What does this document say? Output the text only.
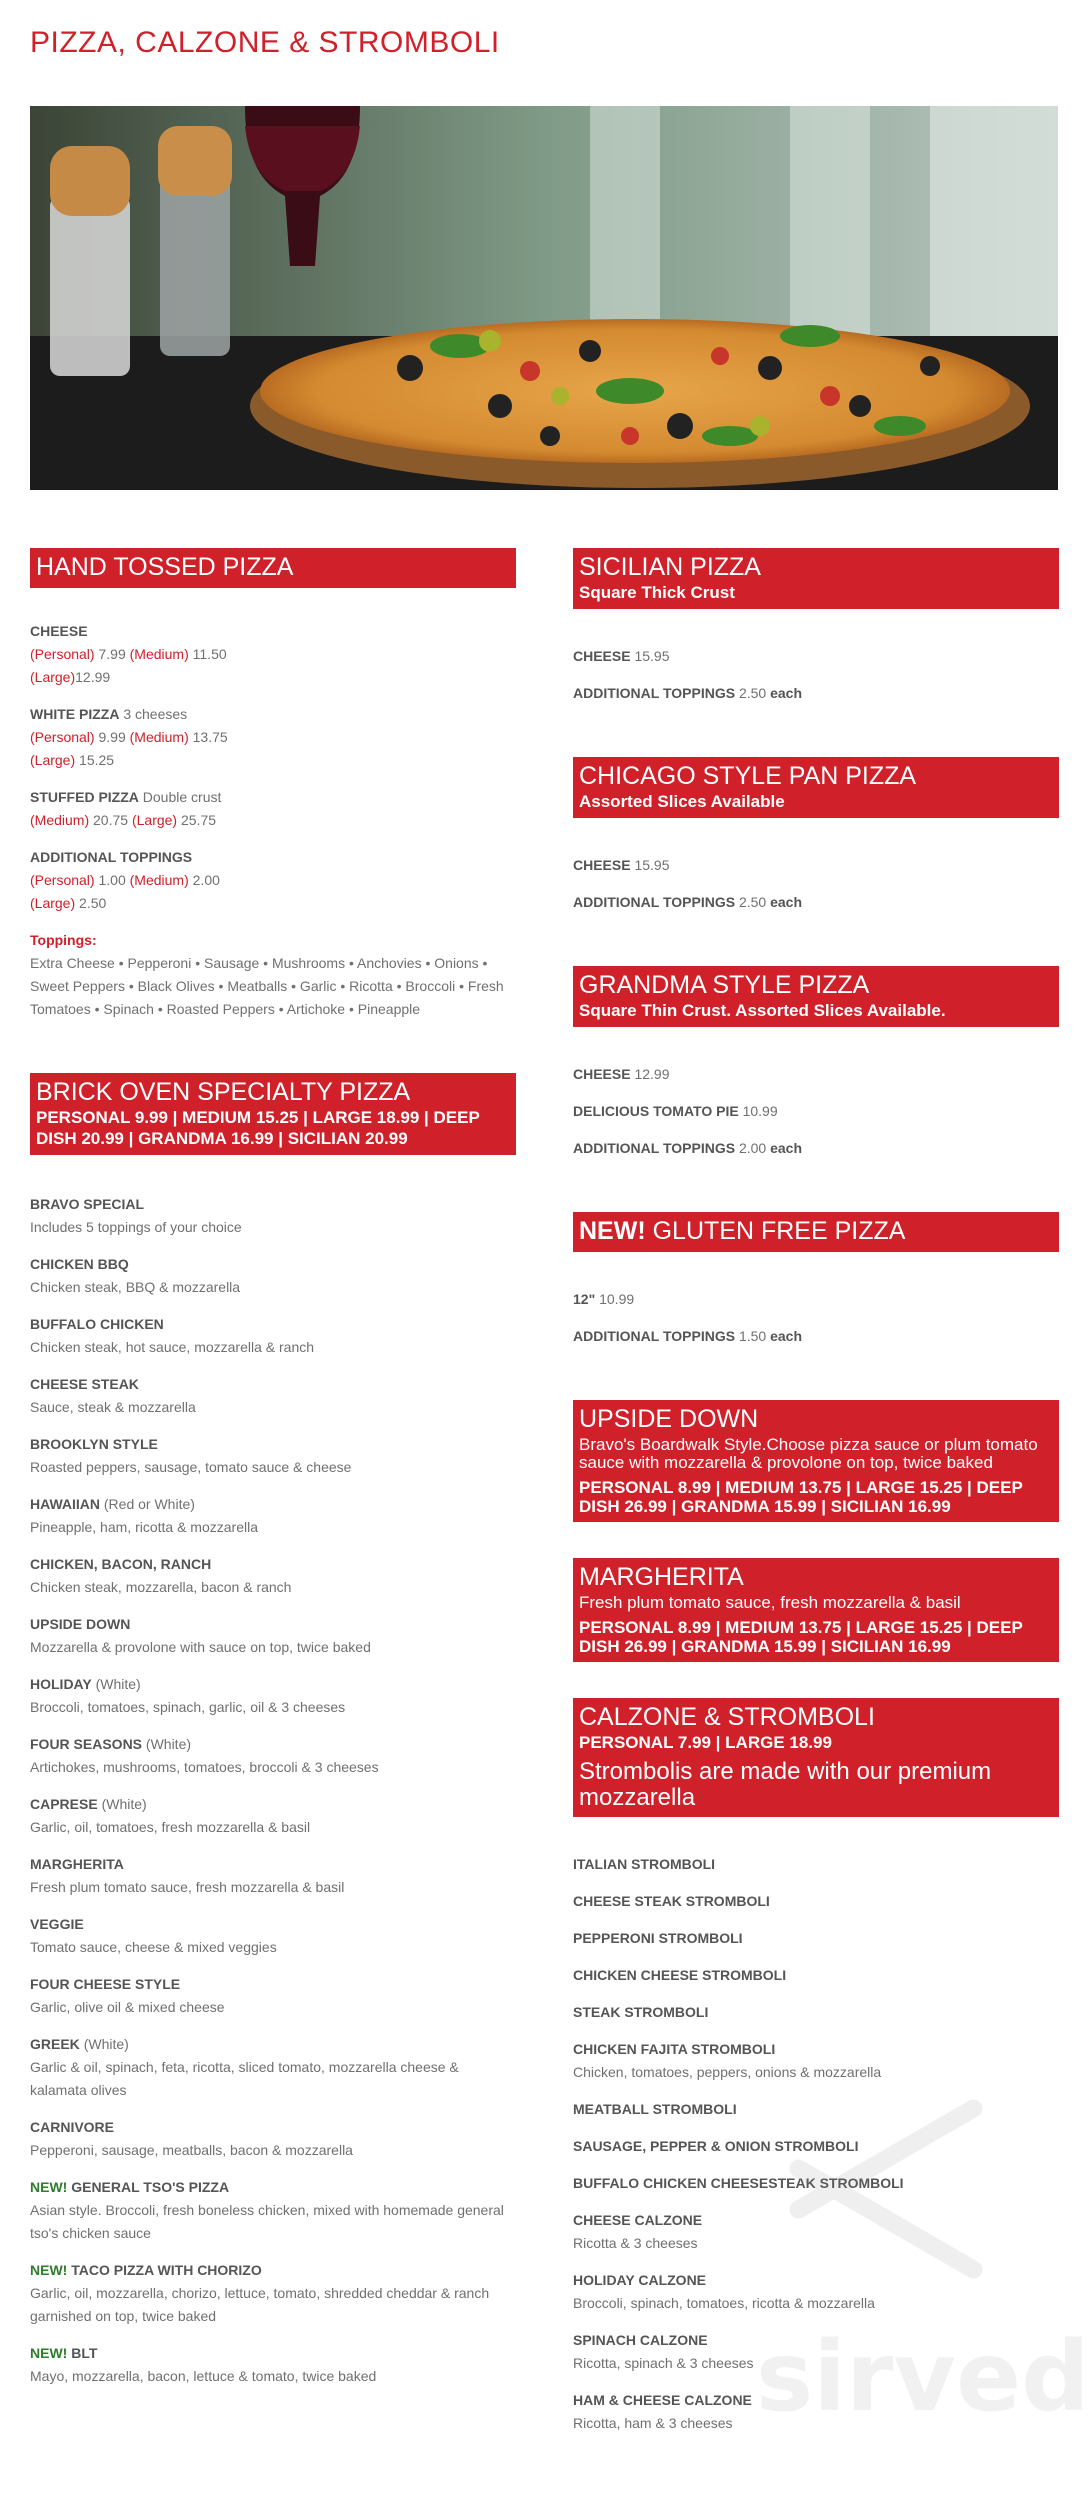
PIZZA, CALZONE & STROMBOLI
HAND TOSSED PIZZA
CHEESE
(Personal) 7.99 (Medium) 11.50
(Large)12.99
WHITE PIZZA 3 cheeses
(Personal) 9.99 (Medium) 13.75
(Large) 15.25
STUFFED PIZZA Double crust
(Medium) 20.75 (Large) 25.75
ADDITIONAL TOPPINGS
(Personal) 1.00 (Medium) 2.00
(Large) 2.50
Toppings:
Extra Cheese • Pepperoni • Sausage • Mushrooms • Anchovies • Onions • Sweet Peppers • Black Olives • Meatballs • Garlic • Ricotta • Broccoli • Fresh Tomatoes • Spinach • Roasted Peppers • Artichoke • Pineapple
BRICK OVEN SPECIALTY PIZZA
PERSONAL 9.99 | MEDIUM 15.25 | LARGE 18.99 | DEEP DISH 20.99 | GRANDMA 16.99 | SICILIAN 20.99
BRAVO SPECIAL
Includes 5 toppings of your choice
CHICKEN BBQ
Chicken steak, BBQ & mozzarella
BUFFALO CHICKEN
Chicken steak, hot sauce, mozzarella & ranch
CHEESE STEAK
Sauce, steak & mozzarella
BROOKLYN STYLE
Roasted peppers, sausage, tomato sauce & cheese
HAWAIIAN (Red or White)
Pineapple, ham, ricotta & mozzarella
CHICKEN, BACON, RANCH
Chicken steak, mozzarella, bacon & ranch
UPSIDE DOWN
Mozzarella & provolone with sauce on top, twice baked
HOLIDAY (White)
Broccoli, tomatoes, spinach, garlic, oil & 3 cheeses
FOUR SEASONS (White)
Artichokes, mushrooms, tomatoes, broccoli & 3 cheeses
CAPRESE (White)
Garlic, oil, tomatoes, fresh mozzarella & basil
MARGHERITA
Fresh plum tomato sauce, fresh mozzarella & basil
VEGGIE
Tomato sauce, cheese & mixed veggies
FOUR CHEESE STYLE
Garlic, olive oil & mixed cheese
GREEK (White)
Garlic & oil, spinach, feta, ricotta, sliced tomato, mozzarella cheese & kalamata olives
CARNIVORE
Pepperoni, sausage, meatballs, bacon & mozzarella
NEW! GENERAL TSO'S PIZZA
Asian style. Broccoli, fresh boneless chicken, mixed with homemade general tso's chicken sauce
NEW! TACO PIZZA WITH CHORIZO
Garlic, oil, mozzarella, chorizo, lettuce, tomato, shredded cheddar & ranch garnished on top, twice baked
NEW! BLT
Mayo, mozzarella, bacon, lettuce & tomato, twice baked
SICILIAN PIZZA
Square Thick Crust
CHEESE 15.95
ADDITIONAL TOPPINGS 2.50 each
CHICAGO STYLE PAN PIZZA
Assorted Slices Available
CHEESE 15.95
ADDITIONAL TOPPINGS 2.50 each
GRANDMA STYLE PIZZA
Square Thin Crust. Assorted Slices Available.
CHEESE 12.99
DELICIOUS TOMATO PIE 10.99
ADDITIONAL TOPPINGS 2.00 each
NEW! GLUTEN FREE PIZZA
12" 10.99
ADDITIONAL TOPPINGS 1.50 each
UPSIDE DOWN
Bravo's Boardwalk Style.Choose pizza sauce or plum tomato sauce with mozzarella & provolone on top, twice baked
PERSONAL 8.99 | MEDIUM 13.75 | LARGE 15.25 | DEEP DISH 26.99 | GRANDMA 15.99 | SICILIAN 16.99
MARGHERITA
Fresh plum tomato sauce, fresh mozzarella & basil
PERSONAL 8.99 | MEDIUM 13.75 | LARGE 15.25 | DEEP DISH 26.99 | GRANDMA 15.99 | SICILIAN 16.99
CALZONE & STROMBOLI
PERSONAL 7.99 | LARGE 18.99
Strombolis are made with our premium mozzarella
ITALIAN STROMBOLI
CHEESE STEAK STROMBOLI
PEPPERONI STROMBOLI
CHICKEN CHEESE STROMBOLI
STEAK STROMBOLI
CHICKEN FAJITA STROMBOLI
Chicken, tomatoes, peppers, onions & mozzarella
MEATBALL STROMBOLI
SAUSAGE, PEPPER & ONION STROMBOLI
BUFFALO CHICKEN CHEESESTEAK STROMBOLI
CHEESE CALZONE
Ricotta & 3 cheeses
HOLIDAY CALZONE
Broccoli, spinach, tomatoes, ricotta & mozzarella
SPINACH CALZONE
Ricotta, spinach & 3 cheeses
HAM & CHEESE CALZONE
Ricotta, ham & 3 cheeses sirved
